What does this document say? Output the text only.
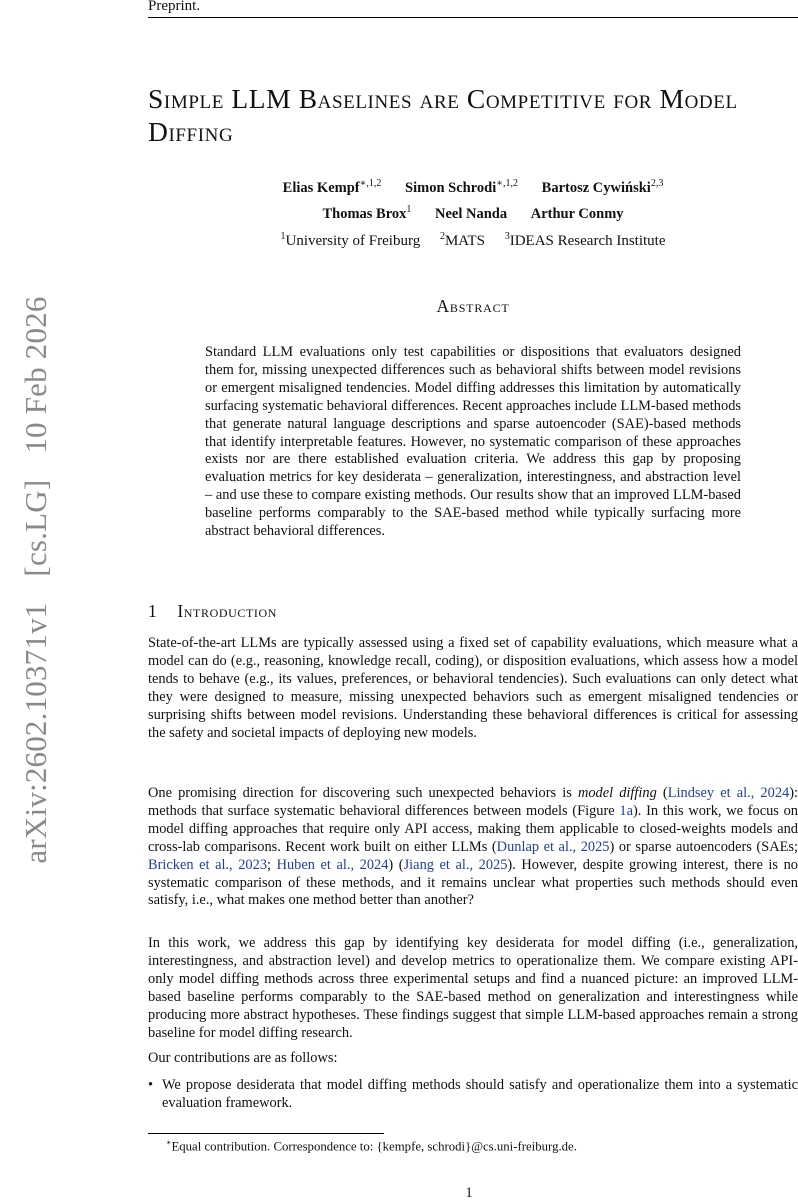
Preprint.
arXiv:2602.10371v1 [cs.LG] 10 Feb 2026
Simple LLM Baselines are Competitive for Model Diffing
Elias Kempf$^{∗,1,2}$ Simon Schrodi$^{∗,1,2}$ Bartosz Cywiński$^{2,3}$
Thomas Brox$^1$ Neel Nanda Arthur Conmy
$^1$University of Freiburg $^2$MATS $^3$IDEAS Research Institute
Abstract
Standard LLM evaluations only test capabilities or dispositions that evaluators designed them for, missing unexpected differences such as behavioral shifts between model revisions or emergent misaligned tendencies. Model diffing addresses this limitation by automatically surfacing systematic behavioral differences. Recent approaches include LLM-based methods that generate natural language descriptions and sparse autoencoder (SAE)-based methods that identify interpretable features. However, no systematic comparison of these approaches exists nor are there established evaluation criteria. We address this gap by proposing evaluation metrics for key desiderata – generalization, interestingness, and abstraction level – and use these to compare existing methods. Our results show that an improved LLM-based baseline performs comparably to the SAE-based method while typically surfacing more abstract behavioral differences.
1 Introduction
State-of-the-art LLMs are typically assessed using a fixed set of capability evaluations, which measure what a model can do (e.g., reasoning, knowledge recall, coding), or disposition evaluations, which assess how a model tends to behave (e.g., its values, preferences, or behavioral tendencies). Such evaluations can only detect what they were designed to measure, missing unexpected behaviors such as emergent misaligned tendencies or surprising shifts between model revisions. Understanding these behavioral differences is critical for assessing the safety and societal impacts of deploying new models.
One promising direction for discovering such unexpected behaviors is model diffing (Lindsey et al., 2024): methods that surface systematic behavioral differences between models (Figure 1a). In this work, we focus on model diffing approaches that require only API access, making them applicable to closed-weights models and cross-lab comparisons. Recent work built on either LLMs (Dunlap et al., 2025) or sparse autoencoders (SAEs; Bricken et al., 2023; Huben et al., 2024) (Jiang et al., 2025). However, despite growing interest, there is no systematic comparison of these methods, and it remains unclear what properties such methods should even satisfy, i.e., what makes one method better than another?
In this work, we address this gap by identifying key desiderata for model diffing (i.e., generalization, interestingness, and abstraction level) and develop metrics to operationalize them. We compare existing API-only model diffing methods across three experimental setups and find a nuanced picture: an improved LLM-based baseline performs comparably to the SAE-based method on generalization and interestingness while producing more abstract hypotheses. These findings suggest that simple LLM-based approaches remain a strong baseline for model diffing research.
Our contributions are as follows:
• We propose desiderata that model diffing methods should satisfy and operationalize them into a systematic evaluation framework.
∗Equal contribution. Correspondence to: {kempfe, schrodi}@cs.uni-freiburg.de.
1
